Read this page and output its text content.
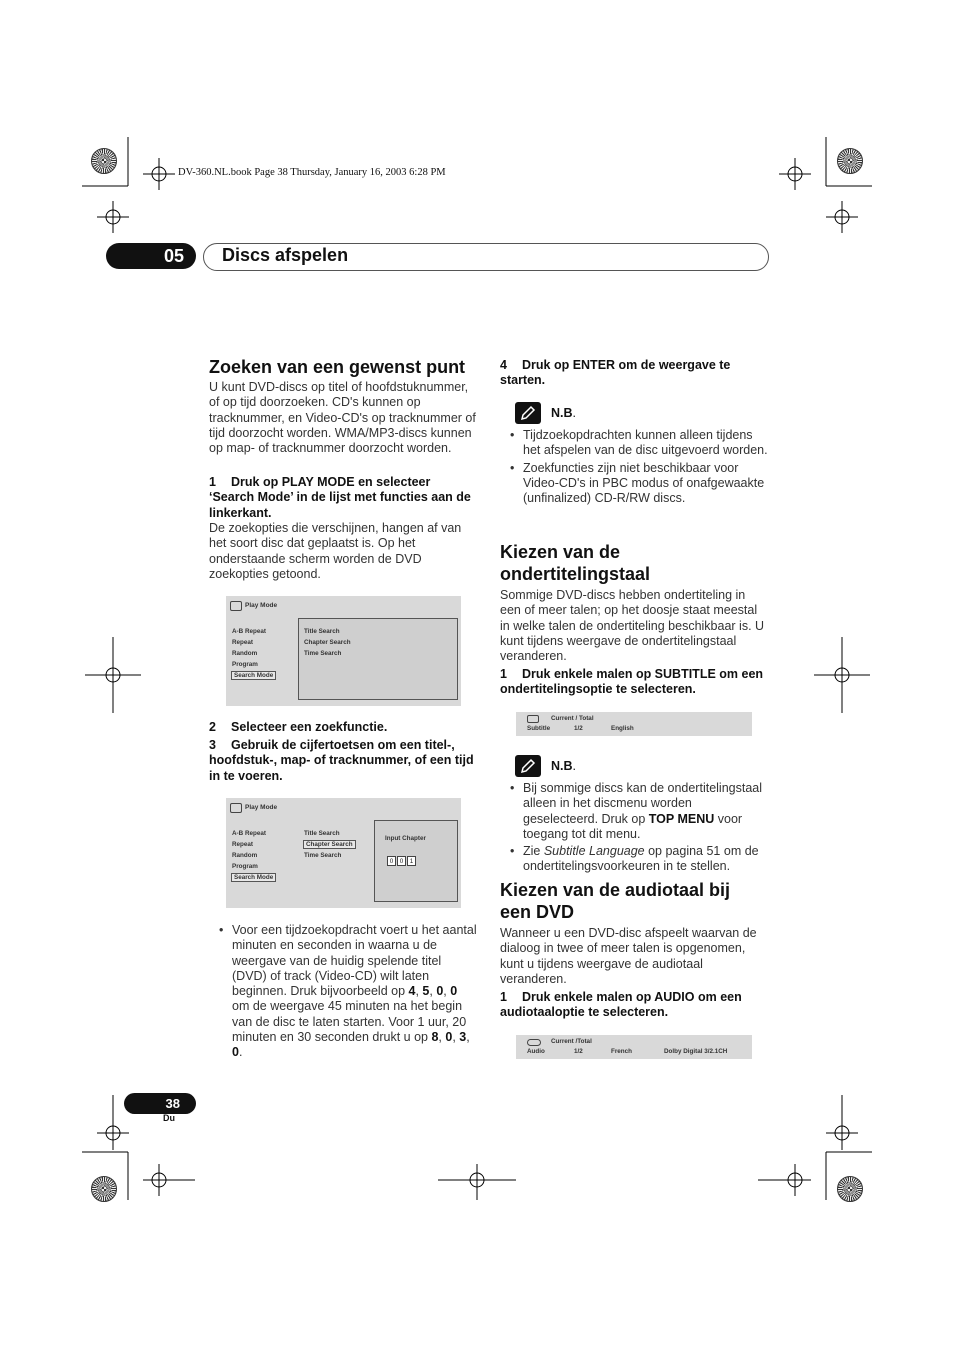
DV-360.NL.book Page 38 Thursday, January 16, 2003 6:28 PM
05	Discs afspelen
Zoeken van een gewenst punt

U kunt DVD-discs op titel of hoofdstuknummer, of op tijd doorzoeken. CD's kunnen op tracknummer, en Video-CD's op tracknummer of tijd doorzocht worden. WMA/MP3-discs kunnen op map- of tracknummer doorzocht worden.

1 Druk op PLAY MODE en selecteer ‘Search Mode’ in de lijst met functies aan de linkerkant.

De zoekopties die verschijnen, hangen af van het soort disc dat geplaatst is. Op het onderstaande scherm worden de DVD zoekopties getoond.

Play Mode
A-B Repeat
Repeat
Random
Program
Search Mode
Title Search
Chapter Search
Time Search
2 Selecteer een zoekfunctie.
3 Gebruik de cijfertoetsen om een titel-, hoofdstuk-, map- of tracknummer, of een tijd in te voeren.
Play Mode
A-B Repeat
Repeat
Random
Program
Search Mode
Title Search
Chapter Search
Time Search
Input Chapter
0 0 1
• Voor een tijdzoekopdracht voert u het aantal minuten en seconden in waarna u de weergave van de huidig spelende titel (DVD) of track (Video-CD) wilt laten beginnen. Druk bijvoorbeeld op 4, 5, 0, 0 om de weergave 45 minuten na het begin van de disc te laten starten. Voor 1 uur, 20 minuten en 30 seconden drukt u op 8, 0, 3, 0.
4 Druk op ENTER om de weergave te starten.
N.B.
• Tijdzoekopdrachten kunnen alleen tijdens het afspelen van de disc uitgevoerd worden.
• Zoekfuncties zijn niet beschikbaar voor Video-CD's in PBC modus of onafgewaakte (unfinalized) CD-R/RW discs.
Kiezen van de ondertitelingstaal

Sommige DVD-discs hebben ondertiteling in een of meer talen; op het doosje staat meestal in welke talen de ondertiteling beschikbaar is. U kunt tijdens weergave de ondertitelingstaal veranderen.

1 Druk enkele malen op SUBTITLE om een ondertitelingsoptie te selecteren.
Current / Total
Subtitle	1/2	English
N.B.
• Bij sommige discs kan de ondertitelingstaal alleen in het discmenu worden geselecteerd. Druk op TOP MENU voor toegang tot dit menu.
• Zie Subtitle Language op pagina 51 om de ondertitelingsvoorkeuren in te stellen.
Kiezen van de audiotaal bij een DVD

Wanneer u een DVD-disc afspeelt waarvan de dialoog in twee of meer talen is opgenomen, kunt u tijdens weergave de audiotaal veranderen.

1 Druk enkele malen op AUDIO om een audiotaaloptie te selecteren.
Current /Total
Audio	1/2	French	Dolby Digital 3/2.1CH
38
Du
